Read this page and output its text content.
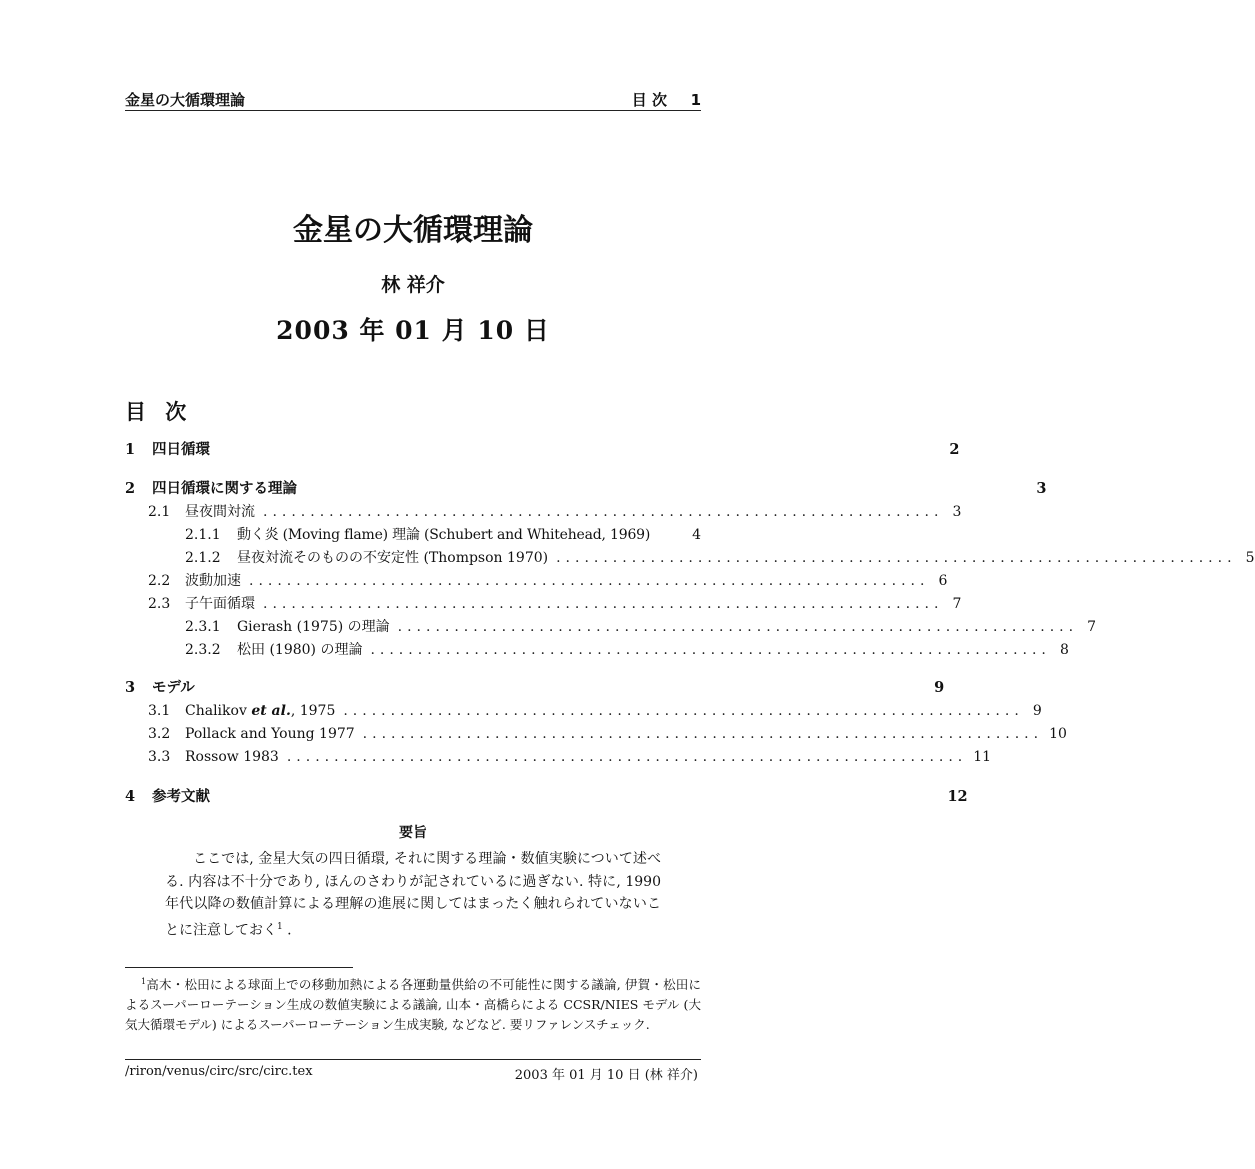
金星の大循環理論	目 次 1
金星の大循環理論
林 祥介
2003 年 01 月 10 日
目 次
1	四日循環	2
2	四日循環に関する理論	3
2.1	昼夜間対流 ........................................................................ 3
2.1.1	動く炎 (Moving flame) 理論 (Schubert and Whitehead, 1969)	4
2.1.2	昼夜対流そのものの不安定性 (Thompson 1970) ........................................................................ 5
2.2	波動加速 ........................................................................ 6
2.3	子午面循環 ........................................................................ 7
2.3.1	Gierash (1975) の理論 ........................................................................ 7
2.3.2	松田 (1980) の理論 ........................................................................ 8
3	モデル	9
3.1	Chalikov et al., 1975 ........................................................................ 9
3.2	Pollack and Young 1977 ........................................................................ 10
3.3	Rossow 1983 ........................................................................ 11
4	参考文献	12
要旨
ここでは, 金星大気の四日循環, それに関する理論・数値実験について述べる. 内容は不十分であり, ほんのさわりが記されているに過ぎない. 特に, 1990 年代以降の数値計算による理解の進展に関してはまったく触れられていないことに注意しておく$^1$ .
$^1$高木・松田による球面上での移動加熱による各運動量供給の不可能性に関する議論, 伊賀・松田によるスーパーローテーション生成の数値実験による議論, 山本・高橋らによる CCSR/NIES モデル (大気大循環モデル) によるスーパーローテーション生成実験, などなど. 要リファレンスチェック.
/riron/venus/circ/src/circ.tex	2003 年 01 月 10 日 (林 祥介)
